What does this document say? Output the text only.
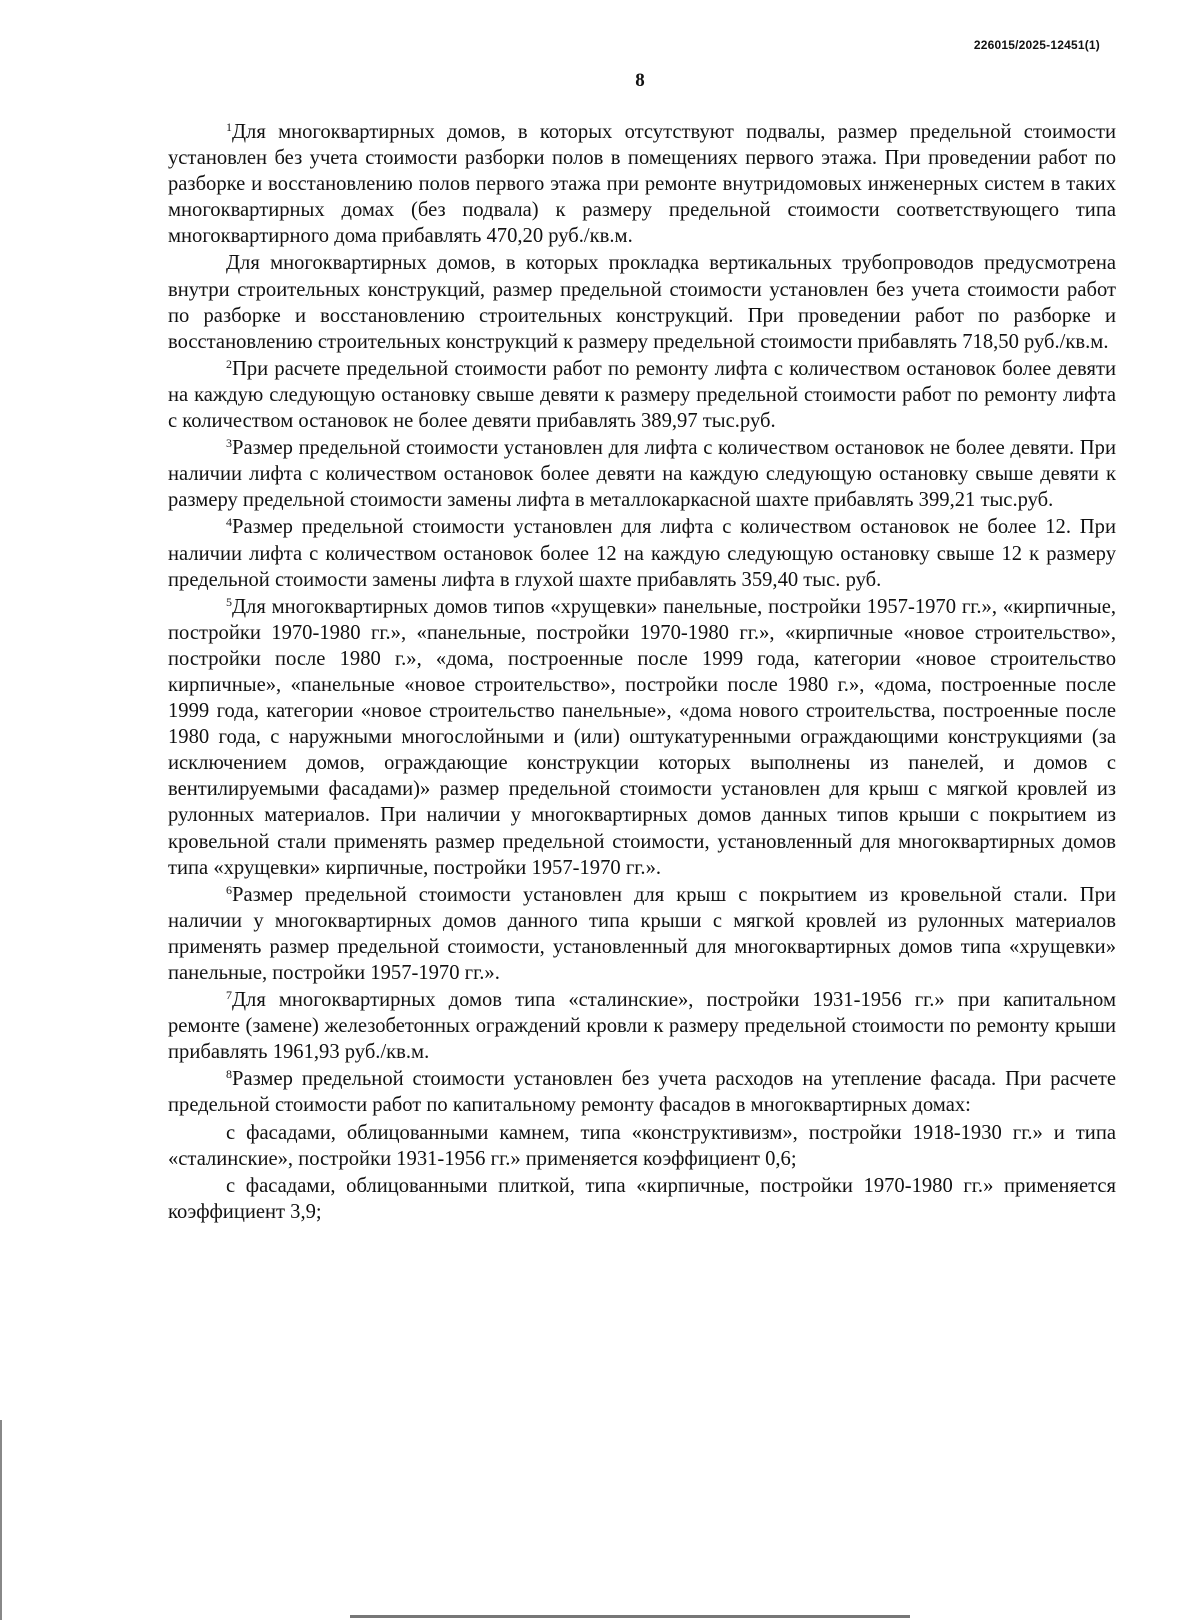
226015/2025-12451(1)
8

$^1$Для многоквартирных домов, в которых отсутствуют подвалы, размер предельной стоимости установлен без учета стоимости разборки полов в помещениях первого этажа. При проведении работ по разборке и восстановлению полов первого этажа при ремонте внутридомовых инженерных систем в таких многоквартирных домах (без подвала) к размеру предельной стоимости соответствующего типа многоквартирного дома прибавлять 470,20 руб./кв.м.

Для многоквартирных домов, в которых прокладка вертикальных трубопроводов предусмотрена внутри строительных конструкций, размер предельной стоимости установлен без учета стоимости работ по разборке и восстановлению строительных конструкций. При проведении работ по разборке и восстановлению строительных конструкций к размеру предельной стоимости прибавлять 718,50 руб./кв.м.

$^2$При расчете предельной стоимости работ по ремонту лифта с количеством остановок более девяти на каждую следующую остановку свыше девяти к размеру предельной стоимости работ по ремонту лифта с количеством остановок не более девяти прибавлять 389,97 тыс.руб.

$^3$Размер предельной стоимости установлен для лифта с количеством остановок не более девяти. При наличии лифта с количеством остановок более девяти на каждую следующую остановку свыше девяти к размеру предельной стоимости замены лифта в металлокаркасной шахте прибавлять 399,21 тыс.руб.

$^4$Размер предельной стоимости установлен для лифта с количеством остановок не более 12. При наличии лифта с количеством остановок более 12 на каждую следующую остановку свыше 12 к размеру предельной стоимости замены лифта в глухой шахте прибавлять 359,40 тыс. руб.

$^5$Для многоквартирных домов типов «хрущевки» панельные, постройки 1957-1970 гг.», «кирпичные, постройки 1970-1980 гг.», «панельные, постройки 1970-1980 гг.», «кирпичные «новое строительство», постройки после 1980 г.», «дома, построенные после 1999 года, категории «новое строительство кирпичные», «панельные «новое строительство», постройки после 1980 г.», «дома, построенные после 1999 года, категории «новое строительство панельные», «дома нового строительства, построенные после 1980 года, с наружными многослойными и (или) оштукатуренными ограждающими конструкциями (за исключением домов, ограждающие конструкции которых выполнены из панелей, и домов с вентилируемыми фасадами)» размер предельной стоимости установлен для крыш с мягкой кровлей из рулонных материалов. При наличии у многоквартирных домов данных типов крыши с покрытием из кровельной стали применять размер предельной стоимости, установленный для многоквартирных домов типа «хрущевки» кирпичные, постройки 1957-1970 гг.».

$^6$Размер предельной стоимости установлен для крыш с покрытием из кровельной стали. При наличии у многоквартирных домов данного типа крыши с мягкой кровлей из рулонных материалов применять размер предельной стоимости, установленный для многоквартирных домов типа «хрущевки» панельные, постройки 1957-1970 гг.».

$^7$Для многоквартирных домов типа «сталинские», постройки 1931-1956 гг.» при капитальном ремонте (замене) железобетонных ограждений кровли к размеру предельной стоимости по ремонту крыши прибавлять 1961,93 руб./кв.м.

$^8$Размер предельной стоимости установлен без учета расходов на утепление фасада. При расчете предельной стоимости работ по капитальному ремонту фасадов в многоквартирных домах:

с фасадами, облицованными камнем, типа «конструктивизм», постройки 1918-1930 гг.» и типа «сталинские», постройки 1931-1956 гг.» применяется коэффициент 0,6;

с фасадами, облицованными плиткой, типа «кирпичные, постройки 1970-1980 гг.» применяется коэффициент 3,9;
